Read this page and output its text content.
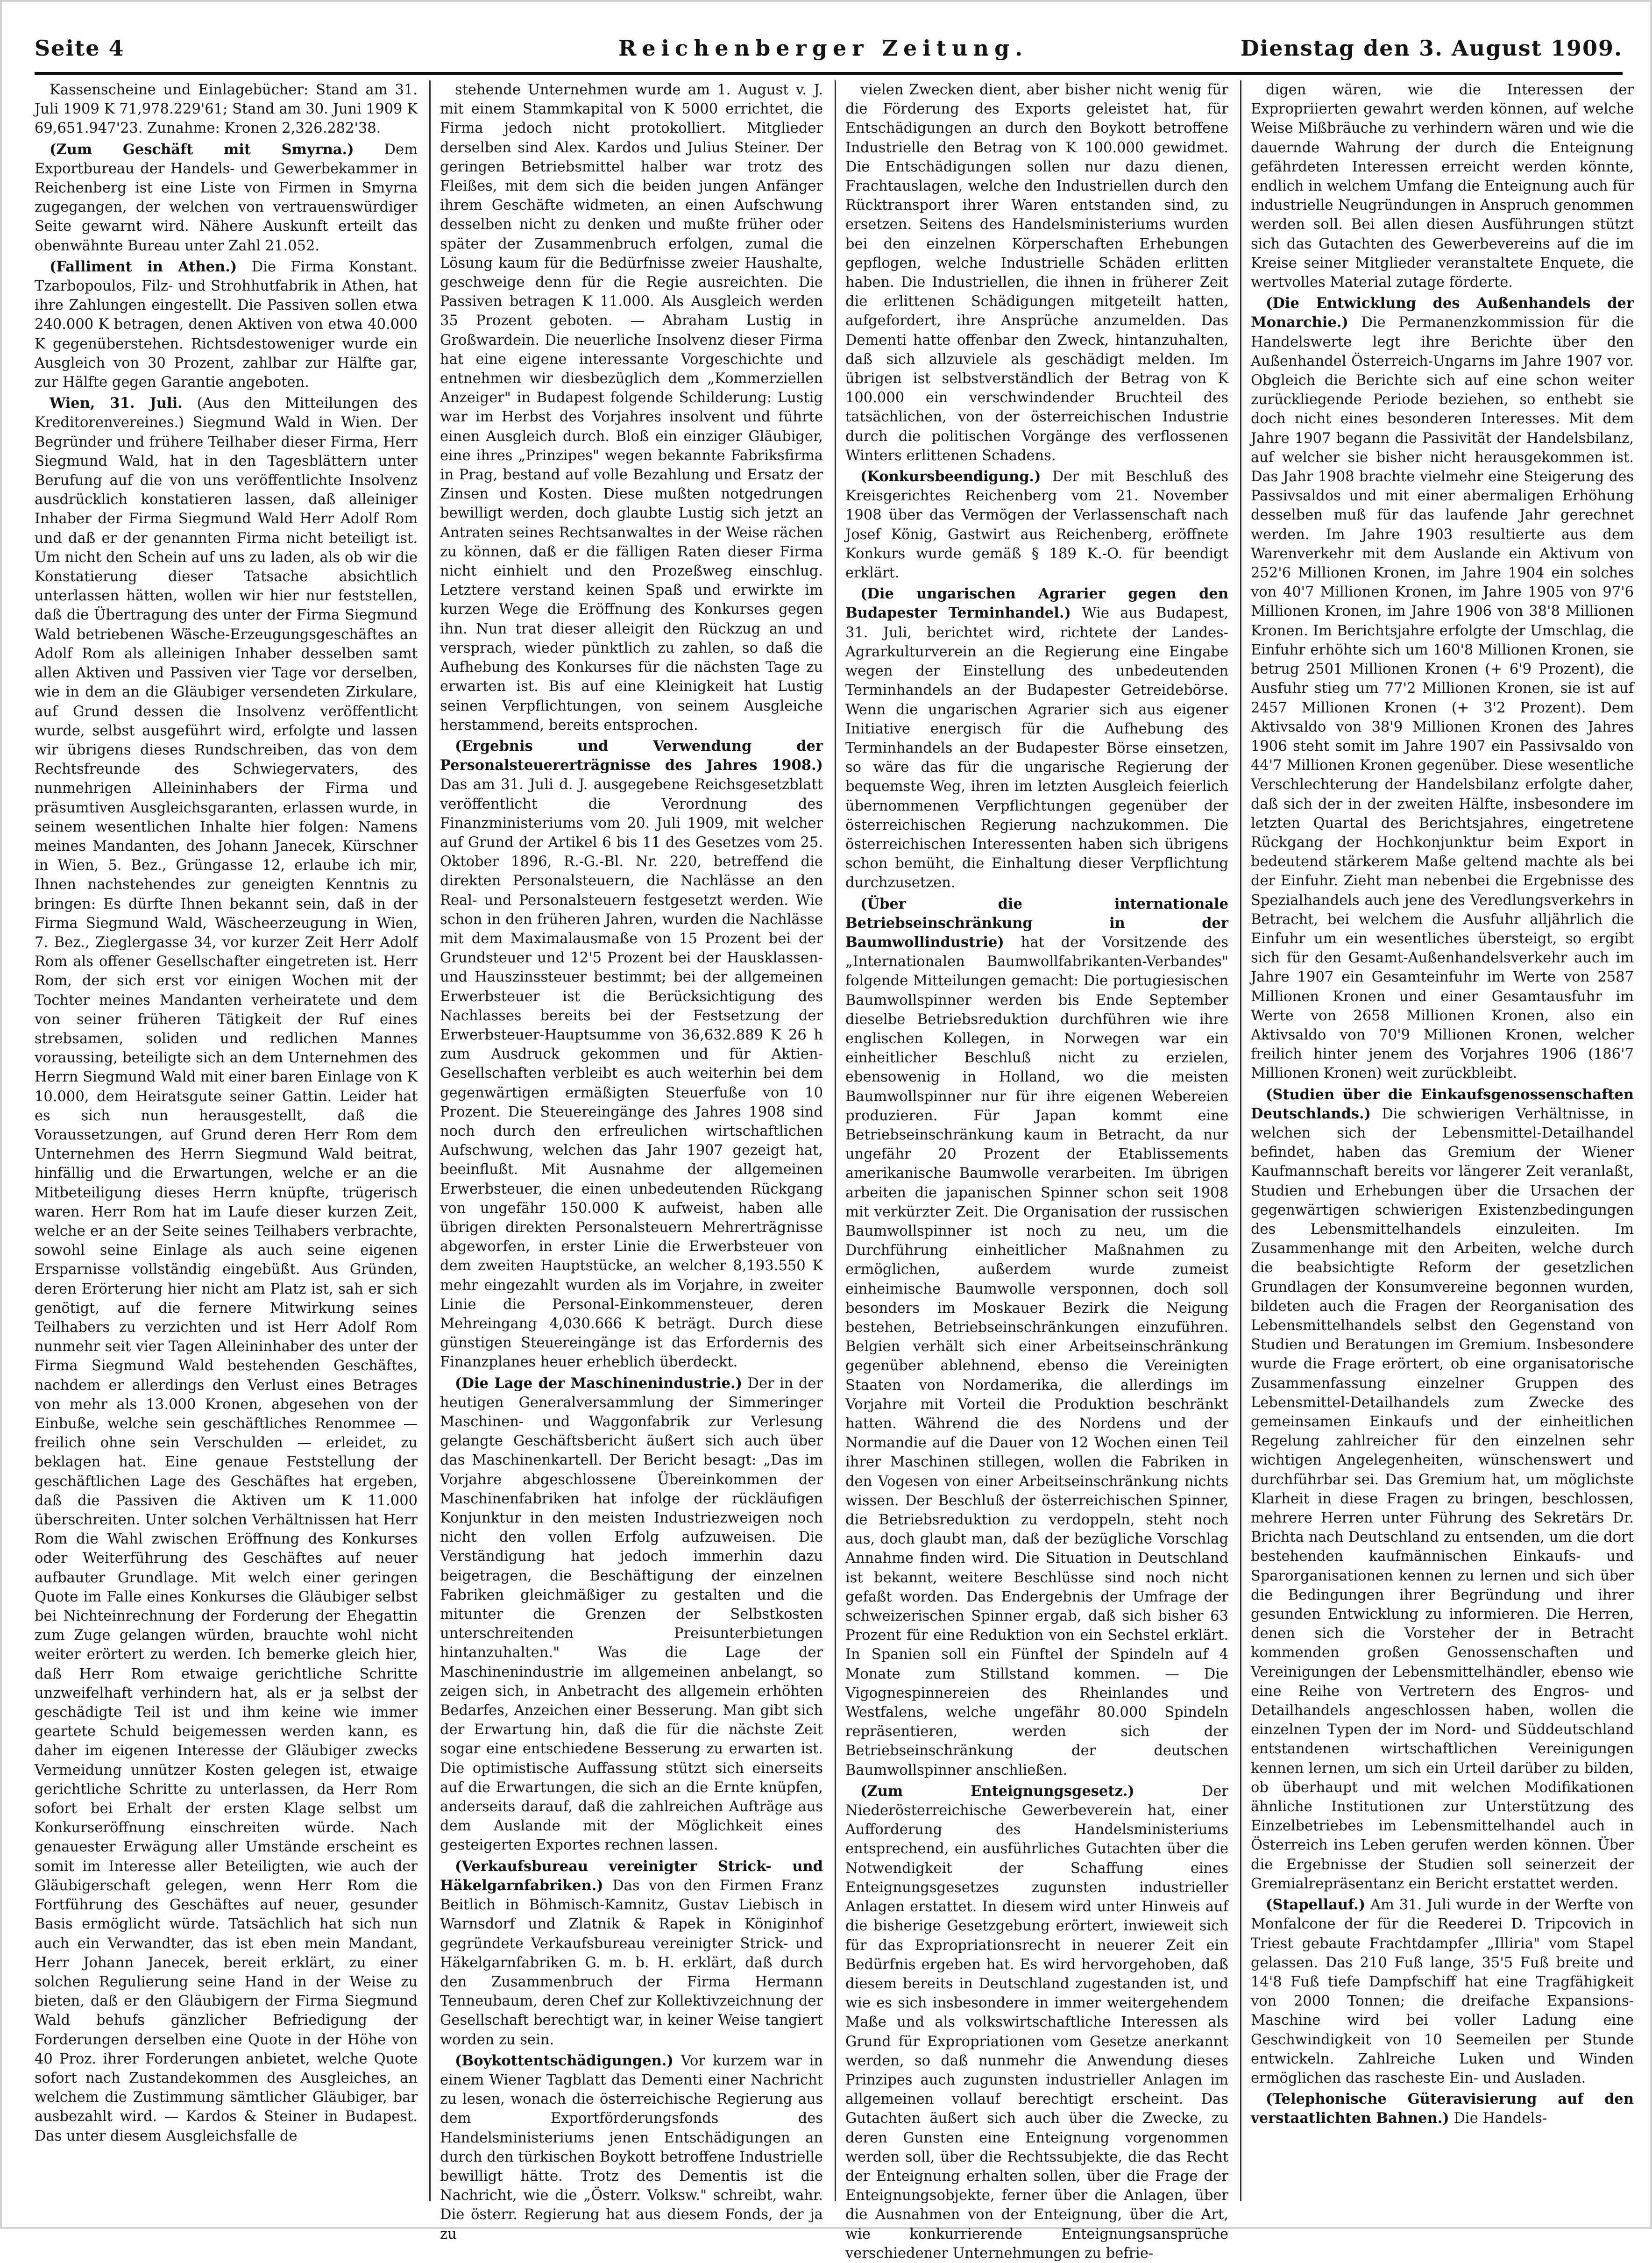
Seite 4	Reichenberger Zeitung.	Dienstag den 3. August 1909.

Kassenscheine und Einlagebücher: Stand am 31. Juli 1909 K 71,978.229'61; Stand am 30. Juni 1909 K 69,651.947'23. Zunahme: Kronen 2,326.282'38.

(Zum Geschäft mit Smyrna.) Dem Exportbureau der Handels- und Gewerbekammer in Reichenberg ist eine Liste von Firmen in Smyrna zugegangen, der welchen von vertrauenswürdiger Seite gewarnt wird. Nähere Auskunft erteilt das obenwähnte Bureau unter Zahl 21.052.

(Falliment in Athen.) Die Firma Konstant. Tzarbopoulos, Filz- und Strohhutfabrik in Athen, hat ihre Zahlungen eingestellt. Die Passiven sollen etwa 240.000 K betragen, denen Aktiven von etwa 40.000 K gegenüberstehen. Richtsdestoweniger wurde ein Ausgleich von 30 Prozent, zahlbar zur Hälfte gar, zur Hälfte gegen Garantie angeboten.

Wien, 31. Juli. (Aus den Mitteilungen des Kreditorenvereines.) Siegmund Wald in Wien. Der Begründer und frühere Teilhaber dieser Firma, Herr Siegmund Wald, hat in den Tagesblättern unter Berufung auf die von uns veröffentlichte Insolvenz ausdrücklich konstatieren lassen, daß alleiniger Inhaber der Firma Siegmund Wald Herr Adolf Rom und daß er der genannten Firma nicht beteiligt ist. Um nicht den Schein auf uns zu laden, als ob wir die Konstatierung dieser Tatsache absichtlich unterlassen hätten, wollen wir hier nur feststellen, daß die Übertragung des unter der Firma Siegmund Wald betriebenen Wäsche-Erzeugungsgeschäftes an Adolf Rom als alleinigen Inhaber desselben samt allen Aktiven und Passiven vier Tage vor derselben, wie in dem an die Gläubiger versendeten Zirkulare, auf Grund dessen die Insolvenz veröffentlicht wurde, selbst ausgeführt wird, erfolgte und lassen wir übrigens dieses Rundschreiben, das von dem Rechtsfreunde des Schwiegervaters, des nunmehrigen Alleininhabers der Firma und präsumtiven Ausgleichsgaranten, erlassen wurde, in seinem wesentlichen Inhalte hier folgen: Namens meines Mandanten, des Johann Janecek, Kürschner in Wien, 5. Bez., Grüngasse 12, erlaube ich mir, Ihnen nachstehendes zur geneigten Kenntnis zu bringen: Es dürfte Ihnen bekannt sein, daß in der Firma Siegmund Wald, Wäscheerzeugung in Wien, 7. Bez., Zieglergasse 34, vor kurzer Zeit Herr Adolf Rom als offener Gesellschafter eingetreten ist. Herr Rom, der sich erst vor einigen Wochen mit der Tochter meines Mandanten verheiratete und dem von seiner früheren Tätigkeit der Ruf eines strebsamen, soliden und redlichen Mannes voraussing, beteiligte sich an dem Unternehmen des Herrn Siegmund Wald mit einer baren Einlage von K 10.000, dem Heiratsgute seiner Gattin. Leider hat es sich nun herausgestellt, daß die Voraussetzungen, auf Grund deren Herr Rom dem Unternehmen des Herrn Siegmund Wald beitrat, hinfällig und die Erwartungen, welche er an die Mitbeteiligung dieses Herrn knüpfte, trügerisch waren. Herr Rom hat im Laufe dieser kurzen Zeit, welche er an der Seite seines Teilhabers verbrachte, sowohl seine Einlage als auch seine eigenen Ersparnisse vollständig eingebüßt. Aus Gründen, deren Erörterung hier nicht am Platz ist, sah er sich genötigt, auf die fernere Mitwirkung seines Teilhabers zu verzichten und ist Herr Adolf Rom nunmehr seit vier Tagen Alleininhaber des unter der Firma Siegmund Wald bestehenden Geschäftes, nachdem er allerdings den Verlust eines Betrages von mehr als 13.000 Kronen, abgesehen von der Einbuße, welche sein geschäftliches Renommee — freilich ohne sein Verschulden — erleidet, zu beklagen hat. Eine genaue Feststellung der geschäftlichen Lage des Geschäftes hat ergeben, daß die Passiven die Aktiven um K 11.000 überschreiten. Unter solchen Verhältnissen hat Herr Rom die Wahl zwischen Eröffnung des Konkurses oder Weiterführung des Geschäftes auf neuer aufbauter Grundlage. Mit welch einer geringen Quote im Falle eines Konkurses die Gläubiger selbst bei Nichteinrechnung der Forderung der Ehegattin zum Zuge gelangen würden, brauchte wohl nicht weiter erörtert zu werden. Ich bemerke gleich hier, daß Herr Rom etwaige gerichtliche Schritte unzweifelhaft verhindern hat, als er ja selbst der geschädigte Teil ist und ihm keine wie immer geartete Schuld beigemessen werden kann, es daher im eigenen Interesse der Gläubiger zwecks Vermeidung unnützer Kosten gelegen ist, etwaige gerichtliche Schritte zu unterlassen, da Herr Rom sofort bei Erhalt der ersten Klage selbst um Konkurseröffnung einschreiten würde. Nach genauester Erwägung aller Umstände erscheint es somit im Interesse aller Beteiligten, wie auch der Gläubigerschaft gelegen, wenn Herr Rom die Fortführung des Geschäftes auf neuer, gesunder Basis ermöglicht würde. Tatsächlich hat sich nun auch ein Verwandter, das ist eben mein Mandant, Herr Johann Janecek, bereit erklärt, zu einer solchen Regulierung seine Hand in der Weise zu bieten, daß er den Gläubigern der Firma Siegmund Wald behufs gänzlicher Befriedigung der Forderungen derselben eine Quote in der Höhe von 40 Proz. ihrer Forderungen anbietet, welche Quote sofort nach Zustandekommen des Ausgleiches, an welchem die Zustimmung sämtlicher Gläubiger, bar ausbezahlt wird. — Kardos & Steiner in Budapest. Das unter diesem Ausgleichsfalle de

stehende Unternehmen wurde am 1. August v. J. mit einem Stammkapital von K 5000 errichtet, die Firma jedoch nicht protokolliert. Mitglieder derselben sind Alex. Kardos und Julius Steiner. Der geringen Betriebsmittel halber war trotz des Fleißes, mit dem sich die beiden jungen Anfänger ihrem Geschäfte widmeten, an einen Aufschwung desselben nicht zu denken und mußte früher oder später der Zusammenbruch erfolgen, zumal die Lösung kaum für die Bedürfnisse zweier Haushalte, geschweige denn für die Regie ausreichten. Die Passiven betragen K 11.000. Als Ausgleich werden 35 Prozent geboten. — Abraham Lustig in Großwardein. Die neuerliche Insolvenz dieser Firma hat eine eigene interessante Vorgeschichte und entnehmen wir diesbezüglich dem „Kommerziellen Anzeiger" in Budapest folgende Schilderung: Lustig war im Herbst des Vorjahres insolvent und führte einen Ausgleich durch. Bloß ein einziger Gläubiger, eine ihres „Prinzipes" wegen bekannte Fabriksfirma in Prag, bestand auf volle Bezahlung und Ersatz der Zinsen und Kosten. Diese mußten notgedrungen bewilligt werden, doch glaubte Lustig sich jetzt an Antraten seines Rechtsanwaltes in der Weise rächen zu können, daß er die fälligen Raten dieser Firma nicht einhielt und den Prozeßweg einschlug. Letztere verstand keinen Spaß und erwirkte im kurzen Wege die Eröffnung des Konkurses gegen ihn. Nun trat dieser alleigit den Rückzug an und versprach, wieder pünktlich zu zahlen, so daß die Aufhebung des Konkurses für die nächsten Tage zu erwarten ist. Bis auf eine Kleinigkeit hat Lustig seinen Verpflichtungen, von seinem Ausgleiche herstammend, bereits entsprochen.

(Ergebnis und Verwendung der Personalsteuererträgnisse des Jahres 1908.) Das am 31. Juli d. J. ausgegebene Reichsgesetzblatt veröffentlicht die Verordnung des Finanzministeriums vom 20. Juli 1909, mit welcher auf Grund der Artikel 6 bis 11 des Gesetzes vom 25. Oktober 1896, R.-G.-Bl. Nr. 220, betreffend die direkten Personalsteuern, die Nachlässe an den Real- und Personalsteuern festgesetzt werden. Wie schon in den früheren Jahren, wurden die Nachlässe mit dem Maximalausmaße von 15 Prozent bei der Grundsteuer und 12'5 Prozent bei der Hausklassen- und Hauszinssteuer bestimmt; bei der allgemeinen Erwerbsteuer ist die Berücksichtigung des Nachlasses bereits bei der Festsetzung der Erwerbsteuer-Hauptsumme von 36,632.889 K 26 h zum Ausdruck gekommen und für Aktien-Gesellschaften verbleibt es auch weiterhin bei dem gegenwärtigen ermäßigten Steuerfuße von 10 Prozent. Die Steuereingänge des Jahres 1908 sind noch durch den erfreulichen wirtschaftlichen Aufschwung, welchen das Jahr 1907 gezeigt hat, beeinflußt. Mit Ausnahme der allgemeinen Erwerbsteuer, die einen unbedeutenden Rückgang von ungefähr 150.000 K aufweist, haben alle übrigen direkten Personalsteuern Mehrerträgnisse abgeworfen, in erster Linie die Erwerbsteuer von dem zweiten Hauptstücke, an welcher 8,193.550 K mehr eingezahlt wurden als im Vorjahre, in zweiter Linie die Personal-Einkommensteuer, deren Mehreingang 4,030.666 K beträgt. Durch diese günstigen Steuereingänge ist das Erfordernis des Finanzplanes heuer erheblich überdeckt.

(Die Lage der Maschinenindustrie.) Der in der heutigen Generalversammlung der Simmeringer Maschinen- und Waggonfabrik zur Verlesung gelangte Geschäftsbericht äußert sich auch über das Maschinenkartell. Der Bericht besagt: „Das im Vorjahre abgeschlossene Übereinkommen der Maschinenfabriken hat infolge der rückläufigen Konjunktur in den meisten Industriezweigen noch nicht den vollen Erfolg aufzuweisen. Die Verständigung hat jedoch immerhin dazu beigetragen, die Beschäftigung der einzelnen Fabriken gleichmäßiger zu gestalten und die mitunter die Grenzen der Selbstkosten unterschreitenden Preisunterbietungen hintanzuhalten." Was die Lage der Maschinenindustrie im allgemeinen anbelangt, so zeigen sich, in Anbetracht des allgemein erhöhten Bedarfes, Anzeichen einer Besserung. Man gibt sich der Erwartung hin, daß die für die nächste Zeit sogar eine entschiedene Besserung zu erwarten ist. Die optimistische Auffassung stützt sich einerseits auf die Erwartungen, die sich an die Ernte knüpfen, anderseits darauf, daß die zahlreichen Aufträge aus dem Auslande mit der Möglichkeit eines gesteigerten Exportes rechnen lassen.

(Verkaufsbureau vereinigter Strick- und Häkelgarnfabriken.) Das von den Firmen Franz Beitlich in Böhmisch-Kamnitz, Gustav Liebisch in Warnsdorf und Zlatnik & Rapek in Königinhof gegründete Verkaufsbureau vereinigter Strick- und Häkelgarnfabriken G. m. b. H. erklärt, daß durch den Zusammenbruch der Firma Hermann Tenneubaum, deren Chef zur Kollektivzeichnung der Gesellschaft berechtigt war, in keiner Weise tangiert worden zu sein.

(Boykottentschädigungen.) Vor kurzem war in einem Wiener Tagblatt das Dementi einer Nachricht zu lesen, wonach die österreichische Regierung aus dem Exportförderungsfonds des Handelsministeriums jenen Entschädigungen an durch den türkischen Boykott betroffene Industrielle bewilligt hätte. Trotz des Dementis ist die Nachricht, wie die „Österr. Volksw." schreibt, wahr. Die österr. Regierung hat aus diesem Fonds, der ja zu

vielen Zwecken dient, aber bisher nicht wenig für die Förderung des Exports geleistet hat, für Entschädigungen an durch den Boykott betroffene Industrielle den Betrag von K 100.000 gewidmet. Die Entschädigungen sollen nur dazu dienen, Frachtauslagen, welche den Industriellen durch den Rücktransport ihrer Waren entstanden sind, zu ersetzen. Seitens des Handelsministeriums wurden bei den einzelnen Körperschaften Erhebungen gepflogen, welche Industrielle Schäden erlitten haben. Die Industriellen, die ihnen in früherer Zeit die erlittenen Schädigungen mitgeteilt hatten, aufgefordert, ihre Ansprüche anzumelden. Das Dementi hatte offenbar den Zweck, hintanzuhalten, daß sich allzuviele als geschädigt melden. Im übrigen ist selbstverständlich der Betrag von K 100.000 ein verschwindender Bruchteil des tatsächlichen, von der österreichischen Industrie durch die politischen Vorgänge des verflossenen Winters erlittenen Schadens.

(Konkursbeendigung.) Der mit Beschluß des Kreisgerichtes Reichenberg vom 21. November 1908 über das Vermögen der Verlassenschaft nach Josef König, Gastwirt aus Reichenberg, eröffnete Konkurs wurde gemäß § 189 K.-O. für beendigt erklärt.

(Die ungarischen Agrarier gegen den Budapester Terminhandel.) Wie aus Budapest, 31. Juli, berichtet wird, richtete der Landes-Agrarkulturverein an die Regierung eine Eingabe wegen der Einstellung des unbedeutenden Terminhandels an der Budapester Getreidebörse. Wenn die ungarischen Agrarier sich aus eigener Initiative energisch für die Aufhebung des Terminhandels an der Budapester Börse einsetzen, so wäre das für die ungarische Regierung der bequemste Weg, ihren im letzten Ausgleich feierlich übernommenen Verpflichtungen gegenüber der österreichischen Regierung nachzukommen. Die österreichischen Interessenten haben sich übrigens schon bemüht, die Einhaltung dieser Verpflichtung durchzusetzen.

(Über die internationale Betriebseinschränkung in der Baumwollindustrie) hat der Vorsitzende des „Internationalen Baumwollfabrikanten-Verbandes" folgende Mitteilungen gemacht: Die portugiesischen Baumwollspinner werden bis Ende September dieselbe Betriebsreduktion durchführen wie ihre englischen Kollegen, in Norwegen war ein einheitlicher Beschluß nicht zu erzielen, ebensowenig in Holland, wo die meisten Baumwollspinner nur für ihre eigenen Webereien produzieren. Für Japan kommt eine Betriebseinschränkung kaum in Betracht, da nur ungefähr 20 Prozent der Etablissements amerikanische Baumwolle verarbeiten. Im übrigen arbeiten die japanischen Spinner schon seit 1908 mit verkürzter Zeit. Die Organisation der russischen Baumwollspinner ist noch zu neu, um die Durchführung einheitlicher Maßnahmen zu ermöglichen, außerdem wurde zumeist einheimische Baumwolle versponnen, doch soll besonders im Moskauer Bezirk die Neigung bestehen, Betriebseinschränkungen einzuführen. Belgien verhält sich einer Arbeitseinschränkung gegenüber ablehnend, ebenso die Vereinigten Staaten von Nordamerika, die allerdings im Vorjahre mit Vorteil die Produktion beschränkt hatten. Während die des Nordens und der Normandie auf die Dauer von 12 Wochen einen Teil ihrer Maschinen stillegen, wollen die Fabriken in den Vogesen von einer Arbeitseinschränkung nichts wissen. Der Beschluß der österreichischen Spinner, die Betriebsreduktion zu verdoppeln, steht noch aus, doch glaubt man, daß der bezügliche Vorschlag Annahme finden wird. Die Situation in Deutschland ist bekannt, weitere Beschlüsse sind noch nicht gefaßt worden. Das Endergebnis der Umfrage der schweizerischen Spinner ergab, daß sich bisher 63 Prozent für eine Reduktion von ein Sechstel erklärt. In Spanien soll ein Fünftel der Spindeln auf 4 Monate zum Stillstand kommen. — Die Vigognespinnereien des Rheinlandes und Westfalens, welche ungefähr 80.000 Spindeln repräsentieren, werden sich der Betriebseinschränkung der deutschen Baumwollspinner anschließen.

(Zum Enteignungsgesetz.)	Der Niederösterreichische Gewerbeverein hat, einer Aufforderung des Handelsministeriums entsprechend, ein ausführliches Gutachten über die Notwendigkeit der Schaffung eines Enteignungsgesetzes zugunsten industrieller Anlagen erstattet. In diesem wird unter Hinweis auf die bisherige Gesetzgebung erörtert, inwieweit sich für das Expropriationsrecht in neuerer Zeit ein Bedürfnis ergeben hat. Es wird hervorgehoben, daß diesem bereits in Deutschland zugestanden ist, und wie es sich insbesondere in immer weitergehendem Maße und als volkswirtschaftliche Interessen als Grund für Expropriationen vom Gesetze anerkannt werden, so daß nunmehr die Anwendung dieses Prinzipes auch zugunsten industrieller Anlagen im allgemeinen vollauf berechtigt erscheint. Das Gutachten äußert sich auch über die Zwecke, zu deren Gunsten eine Enteignung vorgenommen werden soll, über die Rechtssubjekte, die das Recht der Enteignung erhalten sollen, über die Frage der Enteignungsobjekte, ferner über die Anlagen, über die Ausnahmen von der Enteignung, über die Art, wie konkurrierende Enteignungsansprüche verschiedener Unternehmungen zu befrie-

digen wären, wie die Interessen der Expropriierten gewahrt werden können, auf welche Weise Mißbräuche zu verhindern wären und wie die dauernde Wahrung der durch die Enteignung gefährdeten Interessen erreicht werden könnte, endlich in welchem Umfang die Enteignung auch für industrielle Neugründungen in Anspruch genommen werden soll. Bei allen diesen Ausführungen stützt sich das Gutachten des Gewerbevereins auf die im Kreise seiner Mitglieder veranstaltete Enquete, die wertvolles Material zutage förderte.

(Die Entwicklung des Außenhandels der Monarchie.) Die Permanenzkommission für die Handelswerte legt ihre Berichte über den Außenhandel Österreich-Ungarns im Jahre 1907 vor. Obgleich die Berichte sich auf eine schon weiter zurückliegende Periode beziehen, so enthebt sie doch nicht eines besonderen Interesses. Mit dem Jahre 1907 begann die Passivität der Handelsbilanz, auf welcher sie bisher nicht herausgekommen ist. Das Jahr 1908 brachte vielmehr eine Steigerung des Passivsaldos und mit einer abermaligen Erhöhung desselben muß für das laufende Jahr gerechnet werden. Im Jahre 1903 resultierte aus dem Warenverkehr mit dem Auslande ein Aktivum von 252'6 Millionen Kronen, im Jahre 1904 ein solches von 40'7 Millionen Kronen, im Jahre 1905 von 97'6 Millionen Kronen, im Jahre 1906 von 38'8 Millionen Kronen. Im Berichtsjahre erfolgte der Umschlag, die Einfuhr erhöhte sich um 160'8 Millionen Kronen, sie betrug 2501 Millionen Kronen (+ 6'9 Prozent), die Ausfuhr stieg um 77'2 Millionen Kronen, sie ist auf 2457 Millionen Kronen (+ 3'2 Prozent). Dem Aktivsaldo von 38'9 Millionen Kronen des Jahres 1906 steht somit im Jahre 1907 ein Passivsaldo von 44'7 Millionen Kronen gegenüber. Diese wesentliche Verschlechterung der Handelsbilanz erfolgte daher, daß sich der in der zweiten Hälfte, insbesondere im letzten Quartal des Berichtsjahres, eingetretene Rückgang der Hochkonjunktur beim Export in bedeutend stärkerem Maße geltend machte als bei der Einfuhr. Zieht man nebenbei die Ergebnisse des Spezialhandels auch jene des Veredlungsverkehrs in Betracht, bei welchem die Ausfuhr alljährlich die Einfuhr um ein wesentliches übersteigt, so ergibt sich für den Gesamt-Außenhandelsverkehr auch im Jahre 1907 ein Gesamteinfuhr im Werte von 2587 Millionen Kronen und einer Gesamtausfuhr im Werte von 2658 Millionen Kronen, also ein Aktivsaldo von 70'9 Millionen Kronen, welcher freilich hinter jenem des Vorjahres 1906 (186'7 Millionen Kronen) weit zurückbleibt.

(Studien über die Einkaufsgenossenschaften Deutschlands.) Die schwierigen Verhältnisse, in welchen sich der Lebensmittel-Detailhandel befindet, haben das Gremium der Wiener Kaufmannschaft bereits vor längerer Zeit veranlaßt, Studien und Erhebungen über die Ursachen der gegenwärtigen schwierigen Existenzbedingungen des Lebensmittelhandels einzuleiten. Im Zusammenhange mit den Arbeiten, welche durch die beabsichtigte Reform der gesetzlichen Grundlagen der Konsumvereine begonnen wurden, bildeten auch die Fragen der Reorganisation des Lebensmittelhandels selbst den Gegenstand von Studien und Beratungen im Gremium. Insbesondere wurde die Frage erörtert, ob eine organisatorische Zusammenfassung einzelner Gruppen des Lebensmittel-Detailhandels zum Zwecke des gemeinsamen Einkaufs und der einheitlichen Regelung zahlreicher für den einzelnen sehr wichtigen Angelegenheiten, wünschenswert und durchführbar sei. Das Gremium hat, um möglichste Klarheit in diese Fragen zu bringen, beschlossen, mehrere Herren unter Führung des Sekretärs Dr. Brichta nach Deutschland zu entsenden, um die dort bestehenden kaufmännischen Einkaufs- und Sparorganisationen kennen zu lernen und sich über die Bedingungen ihrer Begründung und ihrer gesunden Entwicklung zu informieren. Die Herren, denen sich die Vorsteher der in Betracht kommenden großen Genossenschaften und Vereinigungen der Lebensmittelhändler, ebenso wie eine Reihe von Vertretern des Engros- und Detailhandels angeschlossen haben, wollen die einzelnen Typen der im Nord- und Süddeutschland entstandenen wirtschaftlichen Vereinigungen kennen lernen, um sich ein Urteil darüber zu bilden, ob überhaupt und mit welchen Modifikationen ähnliche Institutionen zur Unterstützung des Einzelbetriebes im Lebensmittelhandel auch in Österreich ins Leben gerufen werden können. Über die Ergebnisse der Studien soll seinerzeit der Gremialrepräsentanz ein Bericht erstattet werden.

(Stapellauf.) Am 31. Juli wurde in der Werfte von Monfalcone der für die Reederei D. Tripcovich in Triest gebaute Frachtdampfer „Illiria" vom Stapel gelassen. Das 210 Fuß lange, 35'5 Fuß breite und 14'8 Fuß tiefe Dampfschiff hat eine Tragfähigkeit von 2000 Tonnen; die dreifache Expansions-Maschine wird bei voller Ladung eine Geschwindigkeit von 10 Seemeilen per Stunde entwickeln. Zahlreiche Luken und Winden ermöglichen das rascheste Ein- und Ausladen.

(Telephonische Güteravisierung auf den verstaatlichten Bahnen.) Die Handels-
